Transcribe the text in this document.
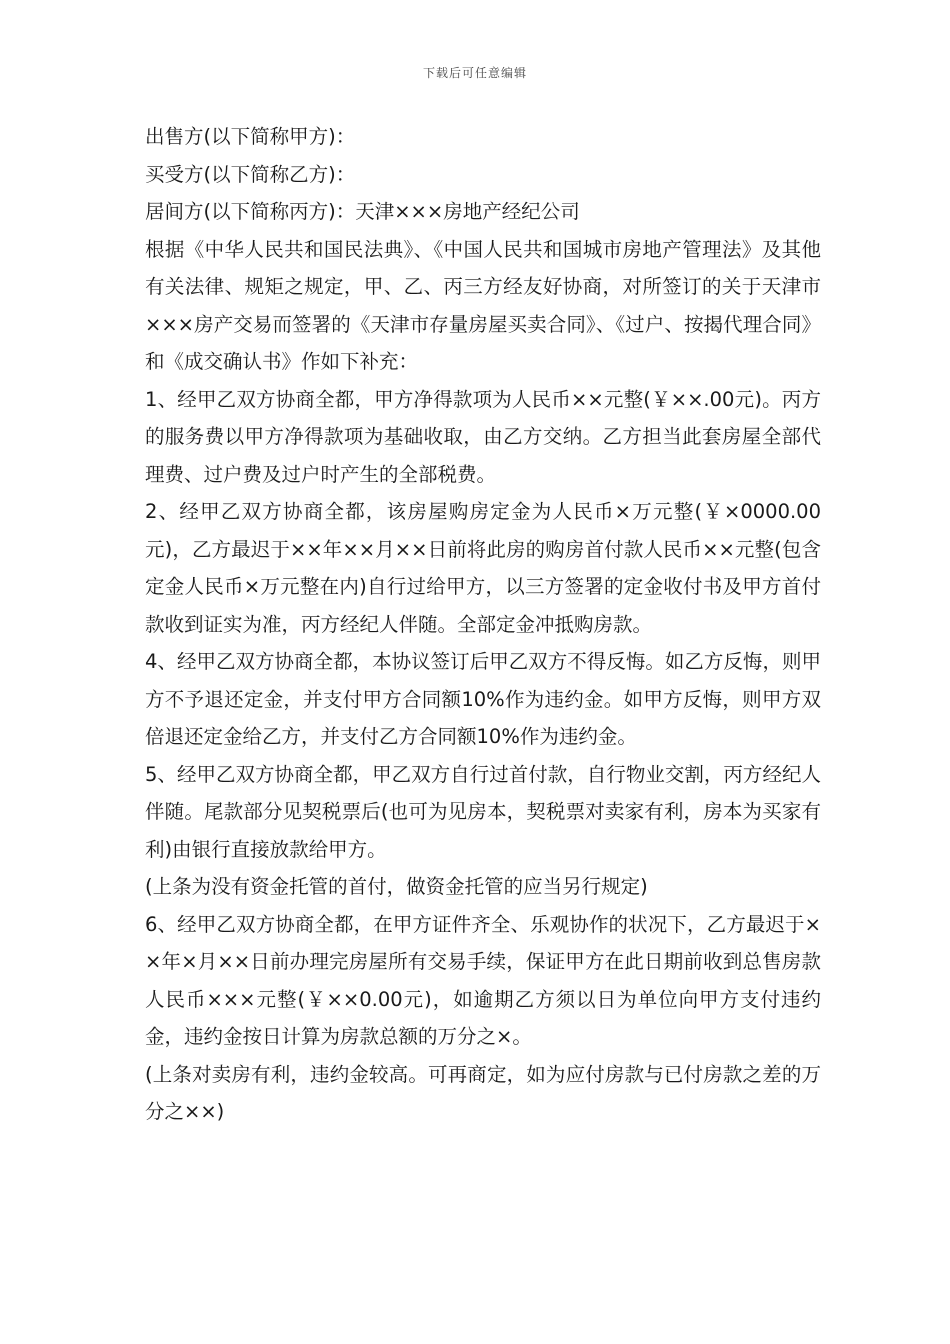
下载后可任意编辑

出售方(以下简称甲方)：

买受方(以下简称乙方)：

居间方(以下简称丙方)：天津×××房地产经纪公司

根据《中华人民共和国民法典》、《中国人民共和国城市房地产管理法》及其他有关法律、规矩之规定，甲、乙、丙三方经友好协商，对所签订的关于天津市×××房产交易而签署的《天津市存量房屋买卖合同》、《过户、按揭代理合同》和《成交确认书》作如下补充：

1、经甲乙双方协商全都，甲方净得款项为人民币××元整(￥××.00元)。丙方的服务费以甲方净得款项为基础收取，由乙方交纳。乙方担当此套房屋全部代理费、过户费及过户时产生的全部税费。

2、经甲乙双方协商全都，该房屋购房定金为人民币×万元整(￥×0000.00元)，乙方最迟于××年××月××日前将此房的购房首付款人民币××元整(包含定金人民币×万元整在内)自行过给甲方，以三方签署的定金收付书及甲方首付款收到证实为准，丙方经纪人伴随。全部定金冲抵购房款。

4、经甲乙双方协商全都，本协议签订后甲乙双方不得反悔。如乙方反悔，则甲方不予退还定金，并支付甲方合同额10%作为违约金。如甲方反悔，则甲方双倍退还定金给乙方，并支付乙方合同额10%作为违约金。

5、经甲乙双方协商全都，甲乙双方自行过首付款，自行物业交割，丙方经纪人伴随。尾款部分见契税票后(也可为见房本，契税票对卖家有利，房本为买家有利)由银行直接放款给甲方。

(上条为没有资金托管的首付，做资金托管的应当另行规定)

6、经甲乙双方协商全都，在甲方证件齐全、乐观协作的状况下，乙方最迟于××年×月××日前办理完房屋所有交易手续，保证甲方在此日期前收到总售房款人民币×××元整(￥××0.00元)，如逾期乙方须以日为单位向甲方支付违约金，违约金按日计算为房款总额的万分之×。

(上条对卖房有利，违约金较高。可再商定，如为应付房款与已付房款之差的万分之××)
